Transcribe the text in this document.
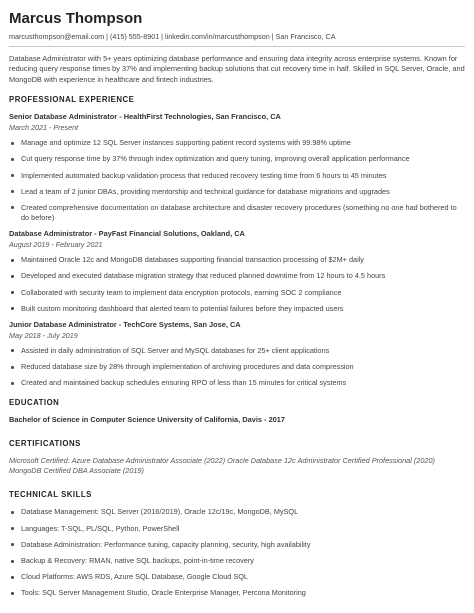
Marcus Thompson
marcusthompson@email.com | (415) 555-8901 | linkedin.com/in/marcusthompson | San Francisco, CA

Database Administrator with 5+ years optimizing database performance and ensuring data integrity across enterprise systems. Known for reducing query response times by 37% and implementing backup solutions that cut recovery time in half. Skilled in SQL Server, Oracle, and MongoDB with experience in healthcare and fintech industries.

PROFESSIONAL EXPERIENCE
Senior Database Administrator - HealthFirst Technologies, San Francisco, CA
March 2021 - Present
Manage and optimize 12 SQL Server instances supporting patient record systems with 99.98% uptime
Cut query response time by 37% through index optimization and query tuning, improving overall application performance
Implemented automated backup validation process that reduced recovery testing time from 6 hours to 45 minutes
Lead a team of 2 junior DBAs, providing mentorship and technical guidance for database migrations and upgrades
Created comprehensive documentation on database architecture and disaster recovery procedures (something no one had bothered to do before)
Database Administrator - PayFast Financial Solutions, Oakland, CA
August 2019 - February 2021
Maintained Oracle 12c and MongoDB databases supporting financial transaction processing of $2M+ daily
Developed and executed database migration strategy that reduced planned downtime from 12 hours to 4.5 hours
Collaborated with security team to implement data encryption protocols, earning SOC 2 compliance
Built custom monitoring dashboard that alerted team to potential failures before they impacted users
Junior Database Administrator - TechCore Systems, San Jose, CA
May 2018 - July 2019
Assisted in daily administration of SQL Server and MySQL databases for 25+ client applications
Reduced database size by 28% through implementation of archiving procedures and data compression
Created and maintained backup schedules ensuring RPO of less than 15 minutes for critical systems
EDUCATION
Bachelor of Science in Computer Science University of California, Davis - 2017
CERTIFICATIONS
Microsoft Certified: Azure Database Administrator Associate (2022) Oracle Database 12c Administrator Certified Professional (2020) MongoDB Certified DBA Associate (2019)
TECHNICAL SKILLS
Database Management: SQL Server (2016/2019), Oracle 12c/19c, MongoDB, MySQL
Languages: T-SQL, PL/SQL, Python, PowerShell
Database Administration: Performance tuning, capacity planning, security, high availability
Backup & Recovery: RMAN, native SQL backups, point-in-time recovery
Cloud Platforms: AWS RDS, Azure SQL Database, Google Cloud SQL
Tools: SQL Server Management Studio, Oracle Enterprise Manager, Percona Monitoring
